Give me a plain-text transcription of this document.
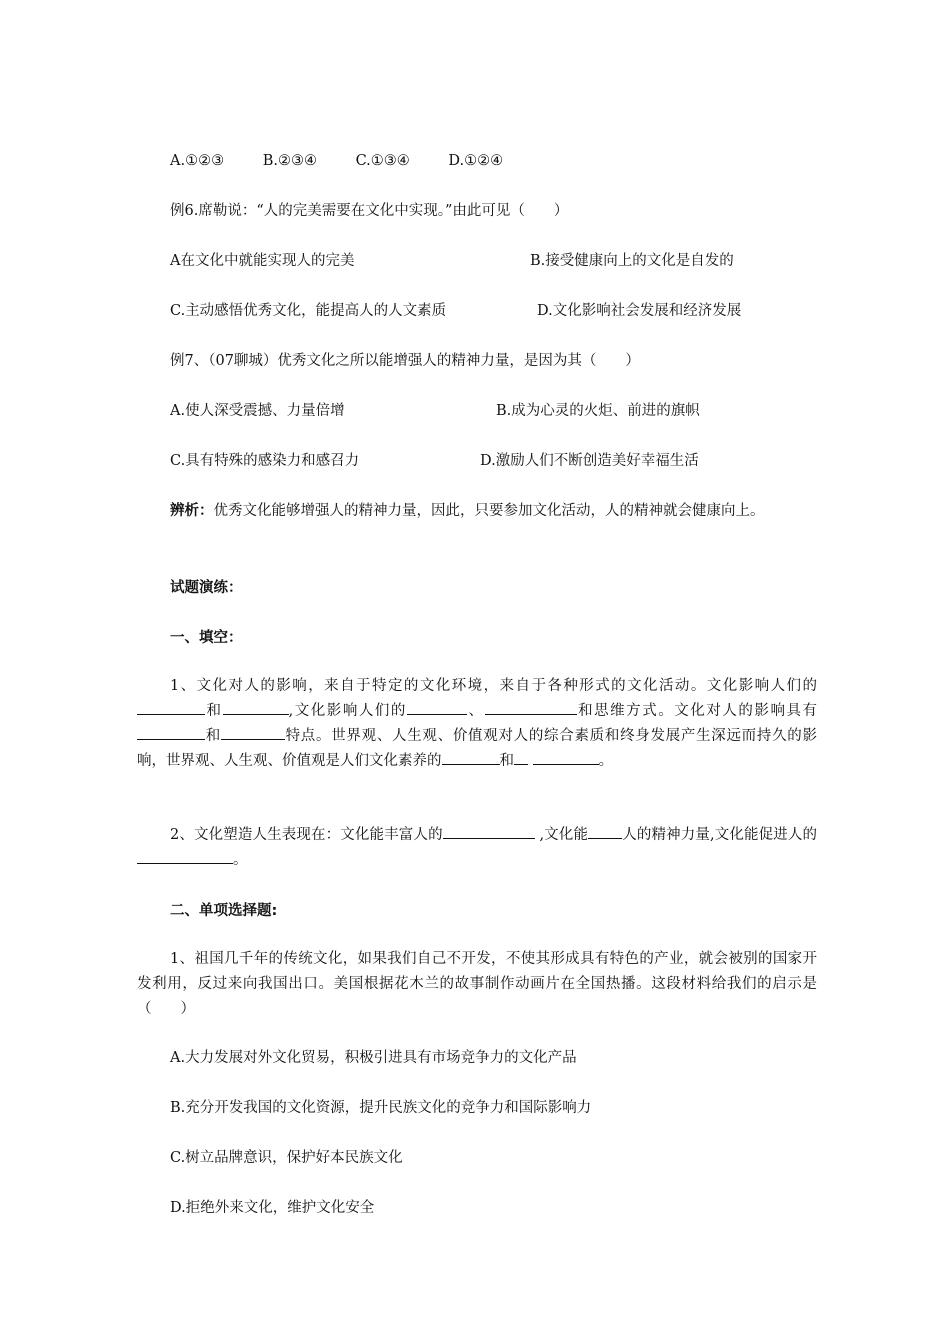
A.①②③	B.②③④	C.①③④	D.①②④
例6.席勒说：“人的完美需要在文化中实现。”由此可见（　　）
A在文化中就能实现人的完美	B.接受健康向上的文化是自发的
C.主动感悟优秀文化，能提高人的人文素质	D.文化影响社会发展和经济发展
例7、（07聊城）优秀文化之所以能增强人的精神力量，是因为其（　　）
A.使人深受震撼、力量倍增	B.成为心灵的火炬、前进的旗帜
C.具有特殊的感染力和感召力	D.激励人们不断创造美好幸福生活
辨析：优秀文化能够增强人的精神力量，因此，只要参加文化活动，人的精神就会健康向上。
试题演练：
一、填空：
1、文化对人的影响，来自于特定的文化环境，来自于各种形式的文化活动。文化影响人们的和	,文化影响人们的	、	和思维方式。文化对人的影响具有和	特点。世界观、人生观、价值观对人的综合素质和终身发展产生深远而持久的影响，世界观、人生观、价值观是人们文化素养的	和	。
2、文化塑造人生表现在：文化能丰富人的	,文化能 人的精神力量,文化能促进人的。
二、单项选择题:
1、祖国几千年的传统文化，如果我们自己不开发，不使其形成具有特色的产业，就会被别的国家开发利用，反过来向我国出口。美国根据花木兰的故事制作动画片在全国热播。这段材料给我们的启示是（　　）
A.大力发展对外文化贸易，积极引进具有市场竞争力的文化产品
B.充分开发我国的文化资源，提升民族文化的竞争力和国际影响力
C.树立品牌意识，保护好本民族文化
D.拒绝外来文化，维护文化安全
